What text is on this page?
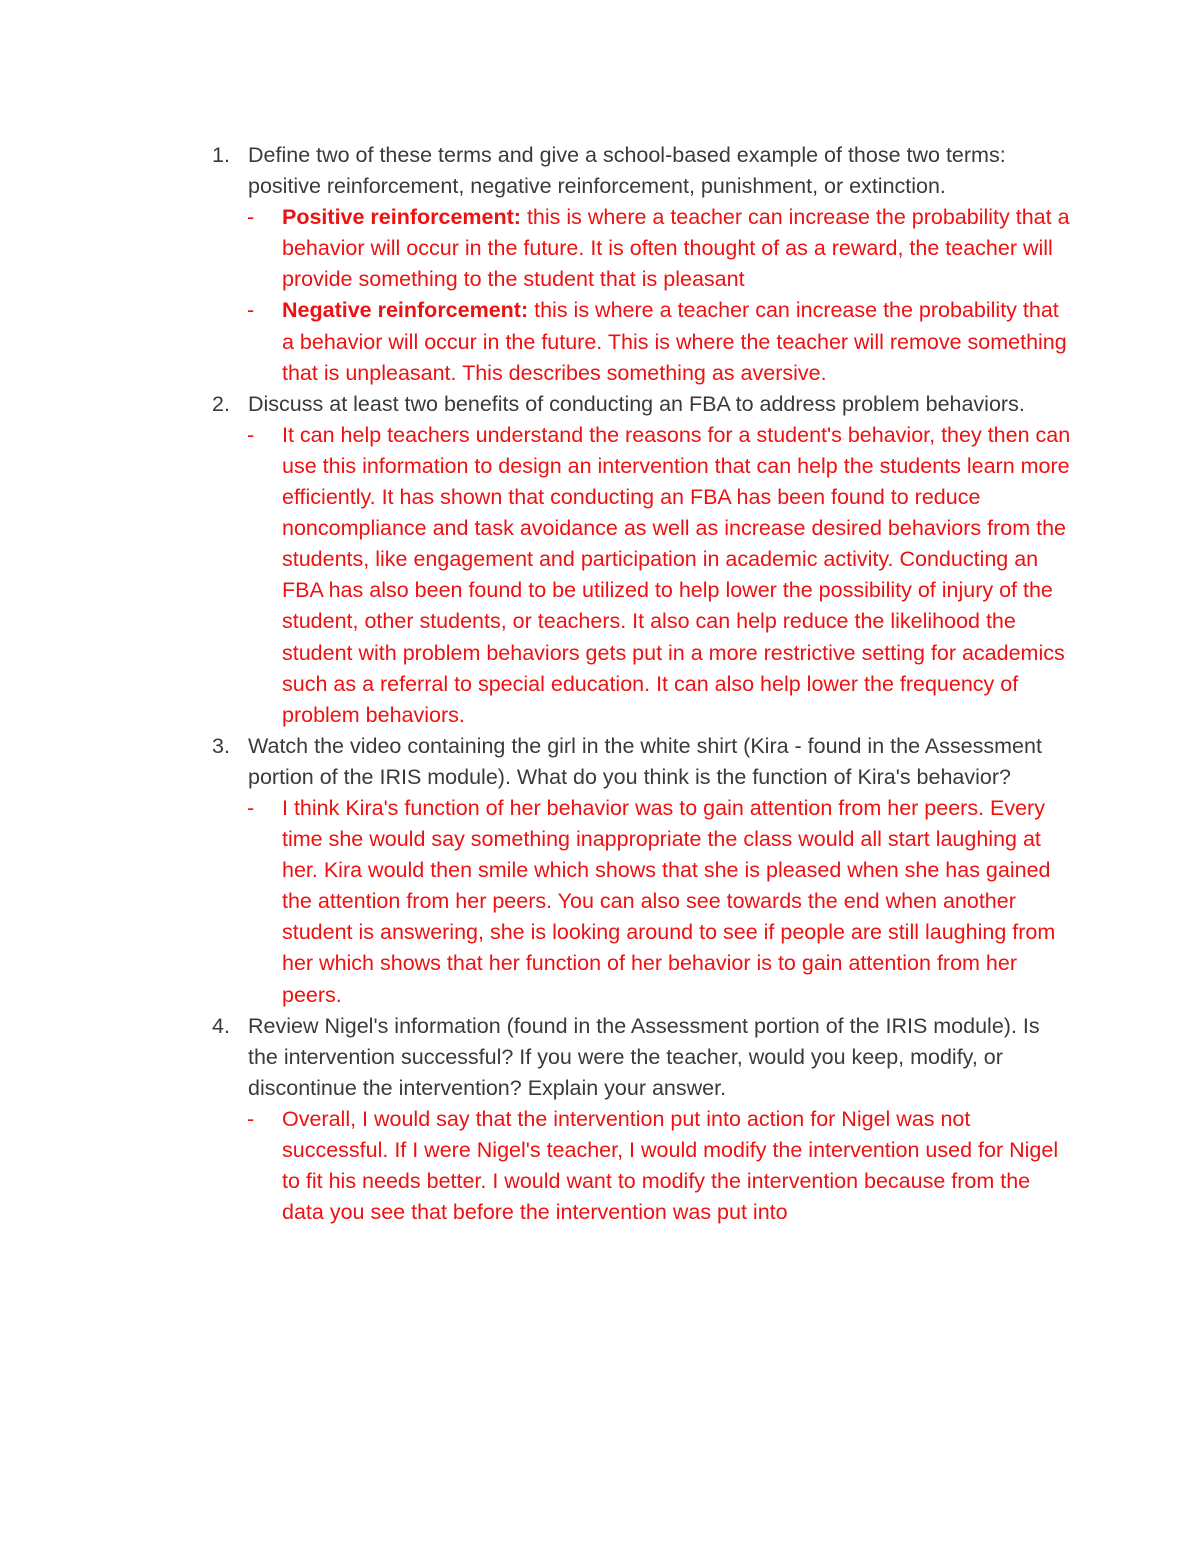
1. Define two of these terms and give a school-based example of those two terms: positive reinforcement, negative reinforcement, punishment, or extinction.
- Positive reinforcement: this is where a teacher can increase the probability that a behavior will occur in the future. It is often thought of as a reward, the teacher will provide something to the student that is pleasant
- Negative reinforcement: this is where a teacher can increase the probability that a behavior will occur in the future. This is where the teacher will remove something that is unpleasant. This describes something as aversive.
2. Discuss at least two benefits of conducting an FBA to address problem behaviors.
- It can help teachers understand the reasons for a student's behavior, they then can use this information to design an intervention that can help the students learn more efficiently. It has shown that conducting an FBA has been found to reduce noncompliance and task avoidance as well as increase desired behaviors from the students, like engagement and participation in academic activity. Conducting an FBA has also been found to be utilized to help lower the possibility of injury of the student, other students, or teachers. It also can help reduce the likelihood the student with problem behaviors gets put in a more restrictive setting for academics such as a referral to special education. It can also help lower the frequency of problem behaviors.
3. Watch the video containing the girl in the white shirt (Kira - found in the Assessment portion of the IRIS module). What do you think is the function of Kira's behavior?
- I think Kira's function of her behavior was to gain attention from her peers. Every time she would say something inappropriate the class would all start laughing at her. Kira would then smile which shows that she is pleased when she has gained the attention from her peers. You can also see towards the end when another student is answering, she is looking around to see if people are still laughing from her which shows that her function of her behavior is to gain attention from her peers.
4. Review Nigel's information (found in the Assessment portion of the IRIS module). Is the intervention successful? If you were the teacher, would you keep, modify, or discontinue the intervention? Explain your answer.
- Overall, I would say that the intervention put into action for Nigel was not successful. If I were Nigel's teacher, I would modify the intervention used for Nigel to fit his needs better. I would want to modify the intervention because from the data you see that before the intervention was put into
